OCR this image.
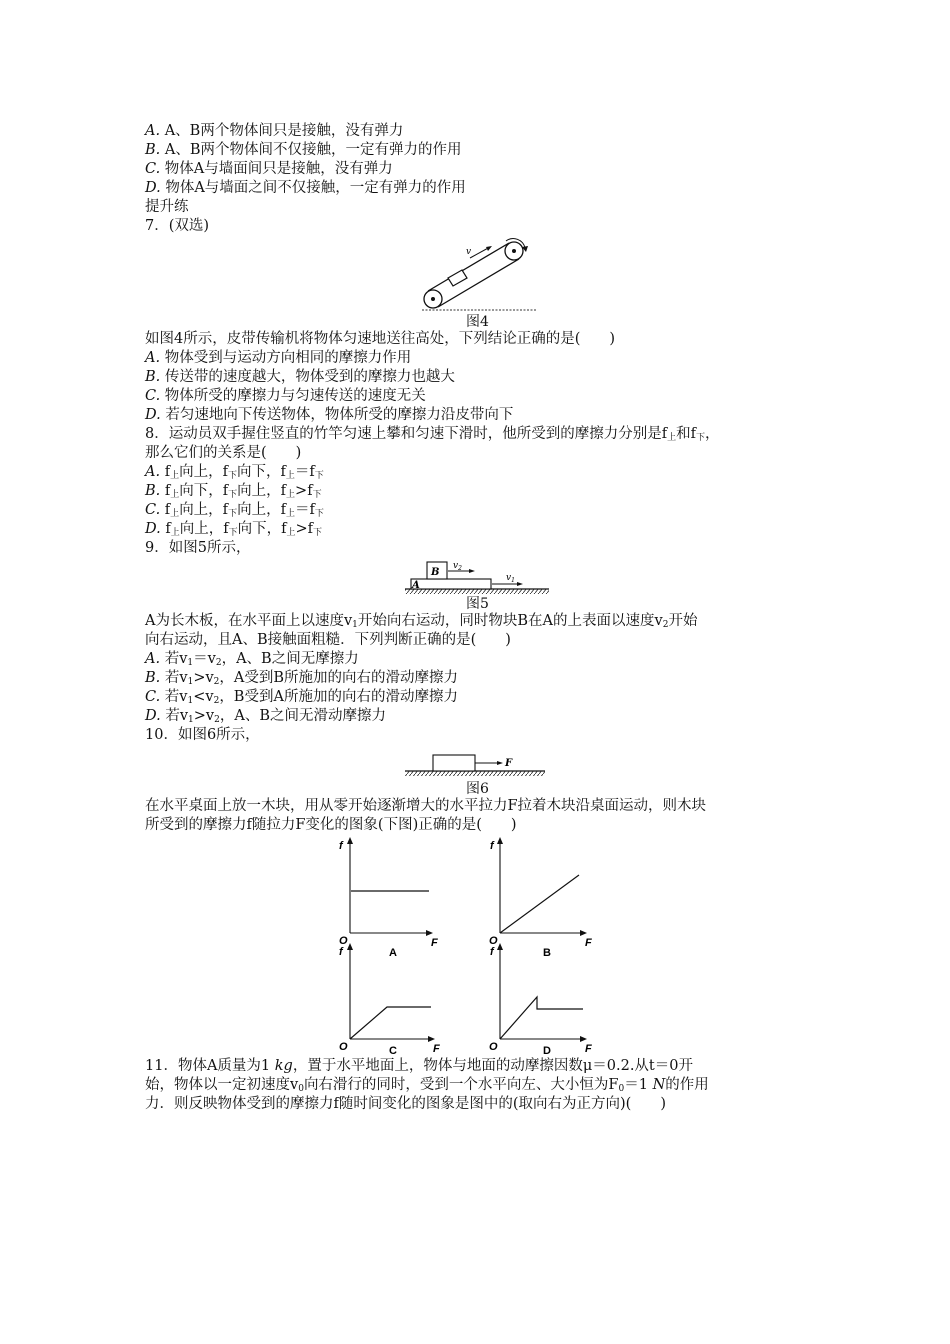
A. A、B两个物体间只是接触，没有弹力
B. A、B两个物体间不仅接触，一定有弹力的作用
C. 物体A与墙面间只是接触，没有弹力
D. 物体A与墙面之间不仅接触，一定有弹力的作用
提升练
7．(双选)
v
图4
如图4所示，皮带传输机将物体匀速地送往高处，下列结论正确的是(　　)
A. 物体受到与运动方向相同的摩擦力作用
B. 传送带的速度越大，物体受到的摩擦力也越大
C. 物体所受的摩擦力与匀速传送的速度无关
D. 若匀速地向下传送物体，物体所受的摩擦力沿皮带向下
8．运动员双手握住竖直的竹竿匀速上攀和匀速下滑时，他所受到的摩擦力分别是$f_上$和$f_下$，
那么它们的关系是(　　)
A. $f_上$向上，$f_下$向下，$f_上=f_下$
B. $f_上$向下，$f_下$向上，$f_上>f_下$
C. $f_上$向上，$f_下$向上，$f_上=f_下$
D. $f_上$向上，$f_下$向下，$f_上>f_下$
9．如图5所示，
A
B
$v_2$
$v_1$
图5
A为长木板，在水平面上以速度$v_1$开始向右运动，同时物块B在A的上表面以速度$v_2$开始
向右运动，且A、B接触面粗糙．下列判断正确的是(　　)
A. 若$v_1=v_2$，A、B之间无摩擦力
B. 若$v_1>v_2$，A受到B所施加的向右的滑动摩擦力
C. 若$v_1<v_2$，B受到A所施加的向右的滑动摩擦力
D. 若$v_1>v_2$，A、B之间无滑动摩擦力
10．如图6所示，
F
图6
在水平桌面上放一木块，用从零开始逐渐增大的水平拉力F拉着木块沿桌面运动，则木块
所受到的摩擦力f随拉力F变化的图象(下图)正确的是(　　)
f
O	F
A
f
O	F
B
f
O	F
C
f
O	F
D
11．物体A质量为1 kg，置于水平地面上，物体与地面的动摩擦因数μ＝0.2.从t＝0开
始，物体以一定初速度$v_0$向右滑行的同时，受到一个水平向左、大小恒为$F_0=1$ N的作用
力．则反映物体受到的摩擦力f随时间变化的图象是图中的(取向右为正方向)(　　)
